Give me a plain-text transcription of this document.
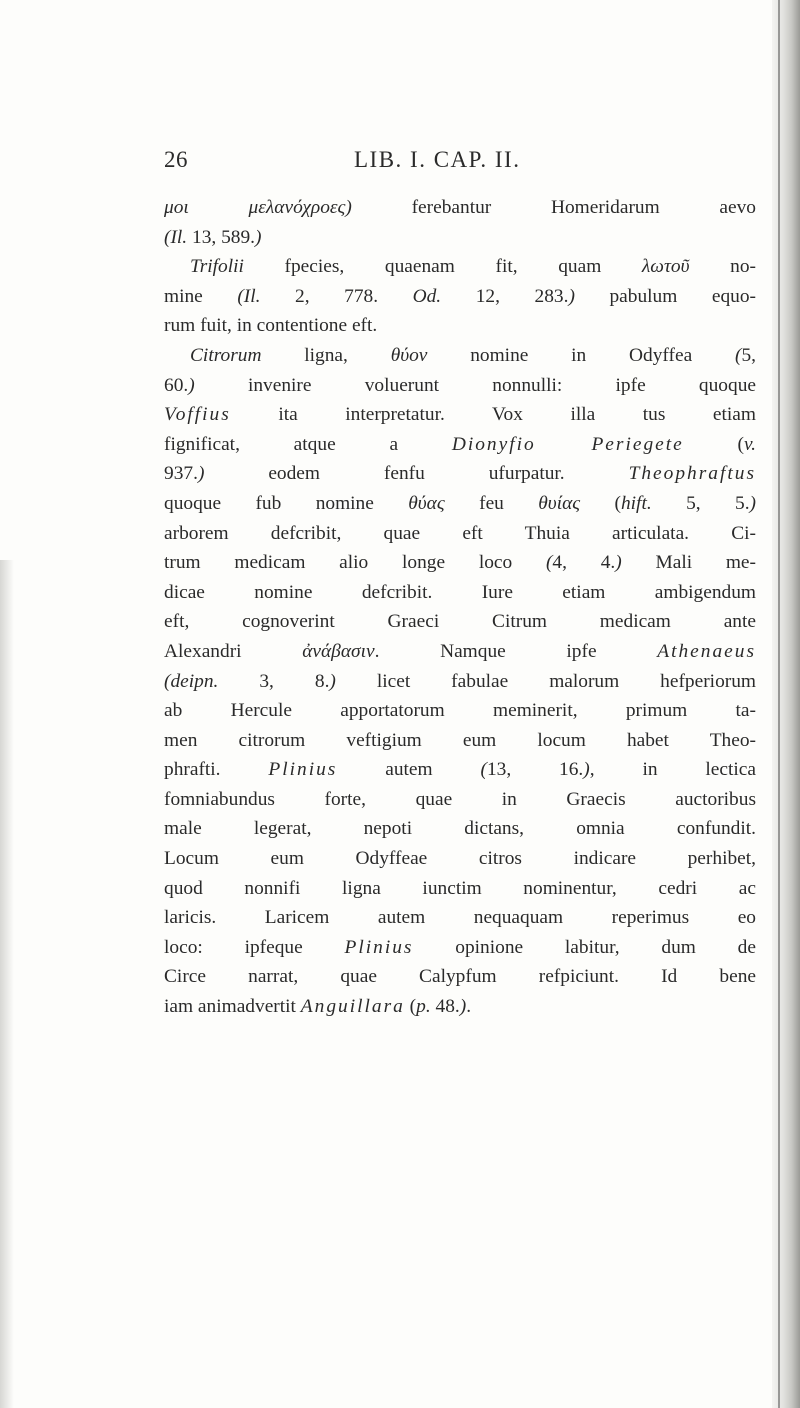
26	LIB. I. CAP. II.
μοι μελανόχροες) ferebantur Homeridarum aevo
(Il. 13, 589.)
Trifolii fpecies, quaenam fit, quam λωτοῦ no-
mine (Il. 2, 778. Od. 12, 283.) pabulum equo-
rum fuit, in contentione eft.
Citrorum ligna, θύον nomine in Odyffea (5,
60.) invenire voluerunt nonnulli: ipfe quoque
Voffius ita interpretatur. Vox illa tus etiam
fignificat, atque a Dionyfio Periegete (v.
937.) eodem fenfu ufurpatur. Theophraftus
quoque fub nomine θύας feu θυίας (hift. 5, 5.)
arborem defcribit, quae eft Thuia articulata. Ci-
trum medicam alio longe loco (4, 4.) Mali me-
dicae nomine defcribit. Iure etiam ambigendum
eft, cognoverint Graeci Citrum medicam ante
Alexandri ἀνάβασιν. Namque ipfe Athenaeus
(deipn. 3, 8.) licet fabulae malorum hefperiorum
ab Hercule apportatorum meminerit, primum ta-
men citrorum veftigium eum locum habet Theo-
phrafti. Plinius autem (13, 16.), in lectica
fomniabundus forte, quae in Graecis auctoribus
male legerat, nepoti dictans, omnia confundit.
Locum eum Odyffeae citros indicare perhibet,
quod nonnifi ligna iunctim nominentur, cedri ac
laricis. Laricem autem nequaquam reperimus eo
loco: ipfeque Plinius opinione labitur, dum de
Circe narrat, quae Calypfum refpiciunt. Id bene
iam animadvertit Anguillara (p. 48.).
